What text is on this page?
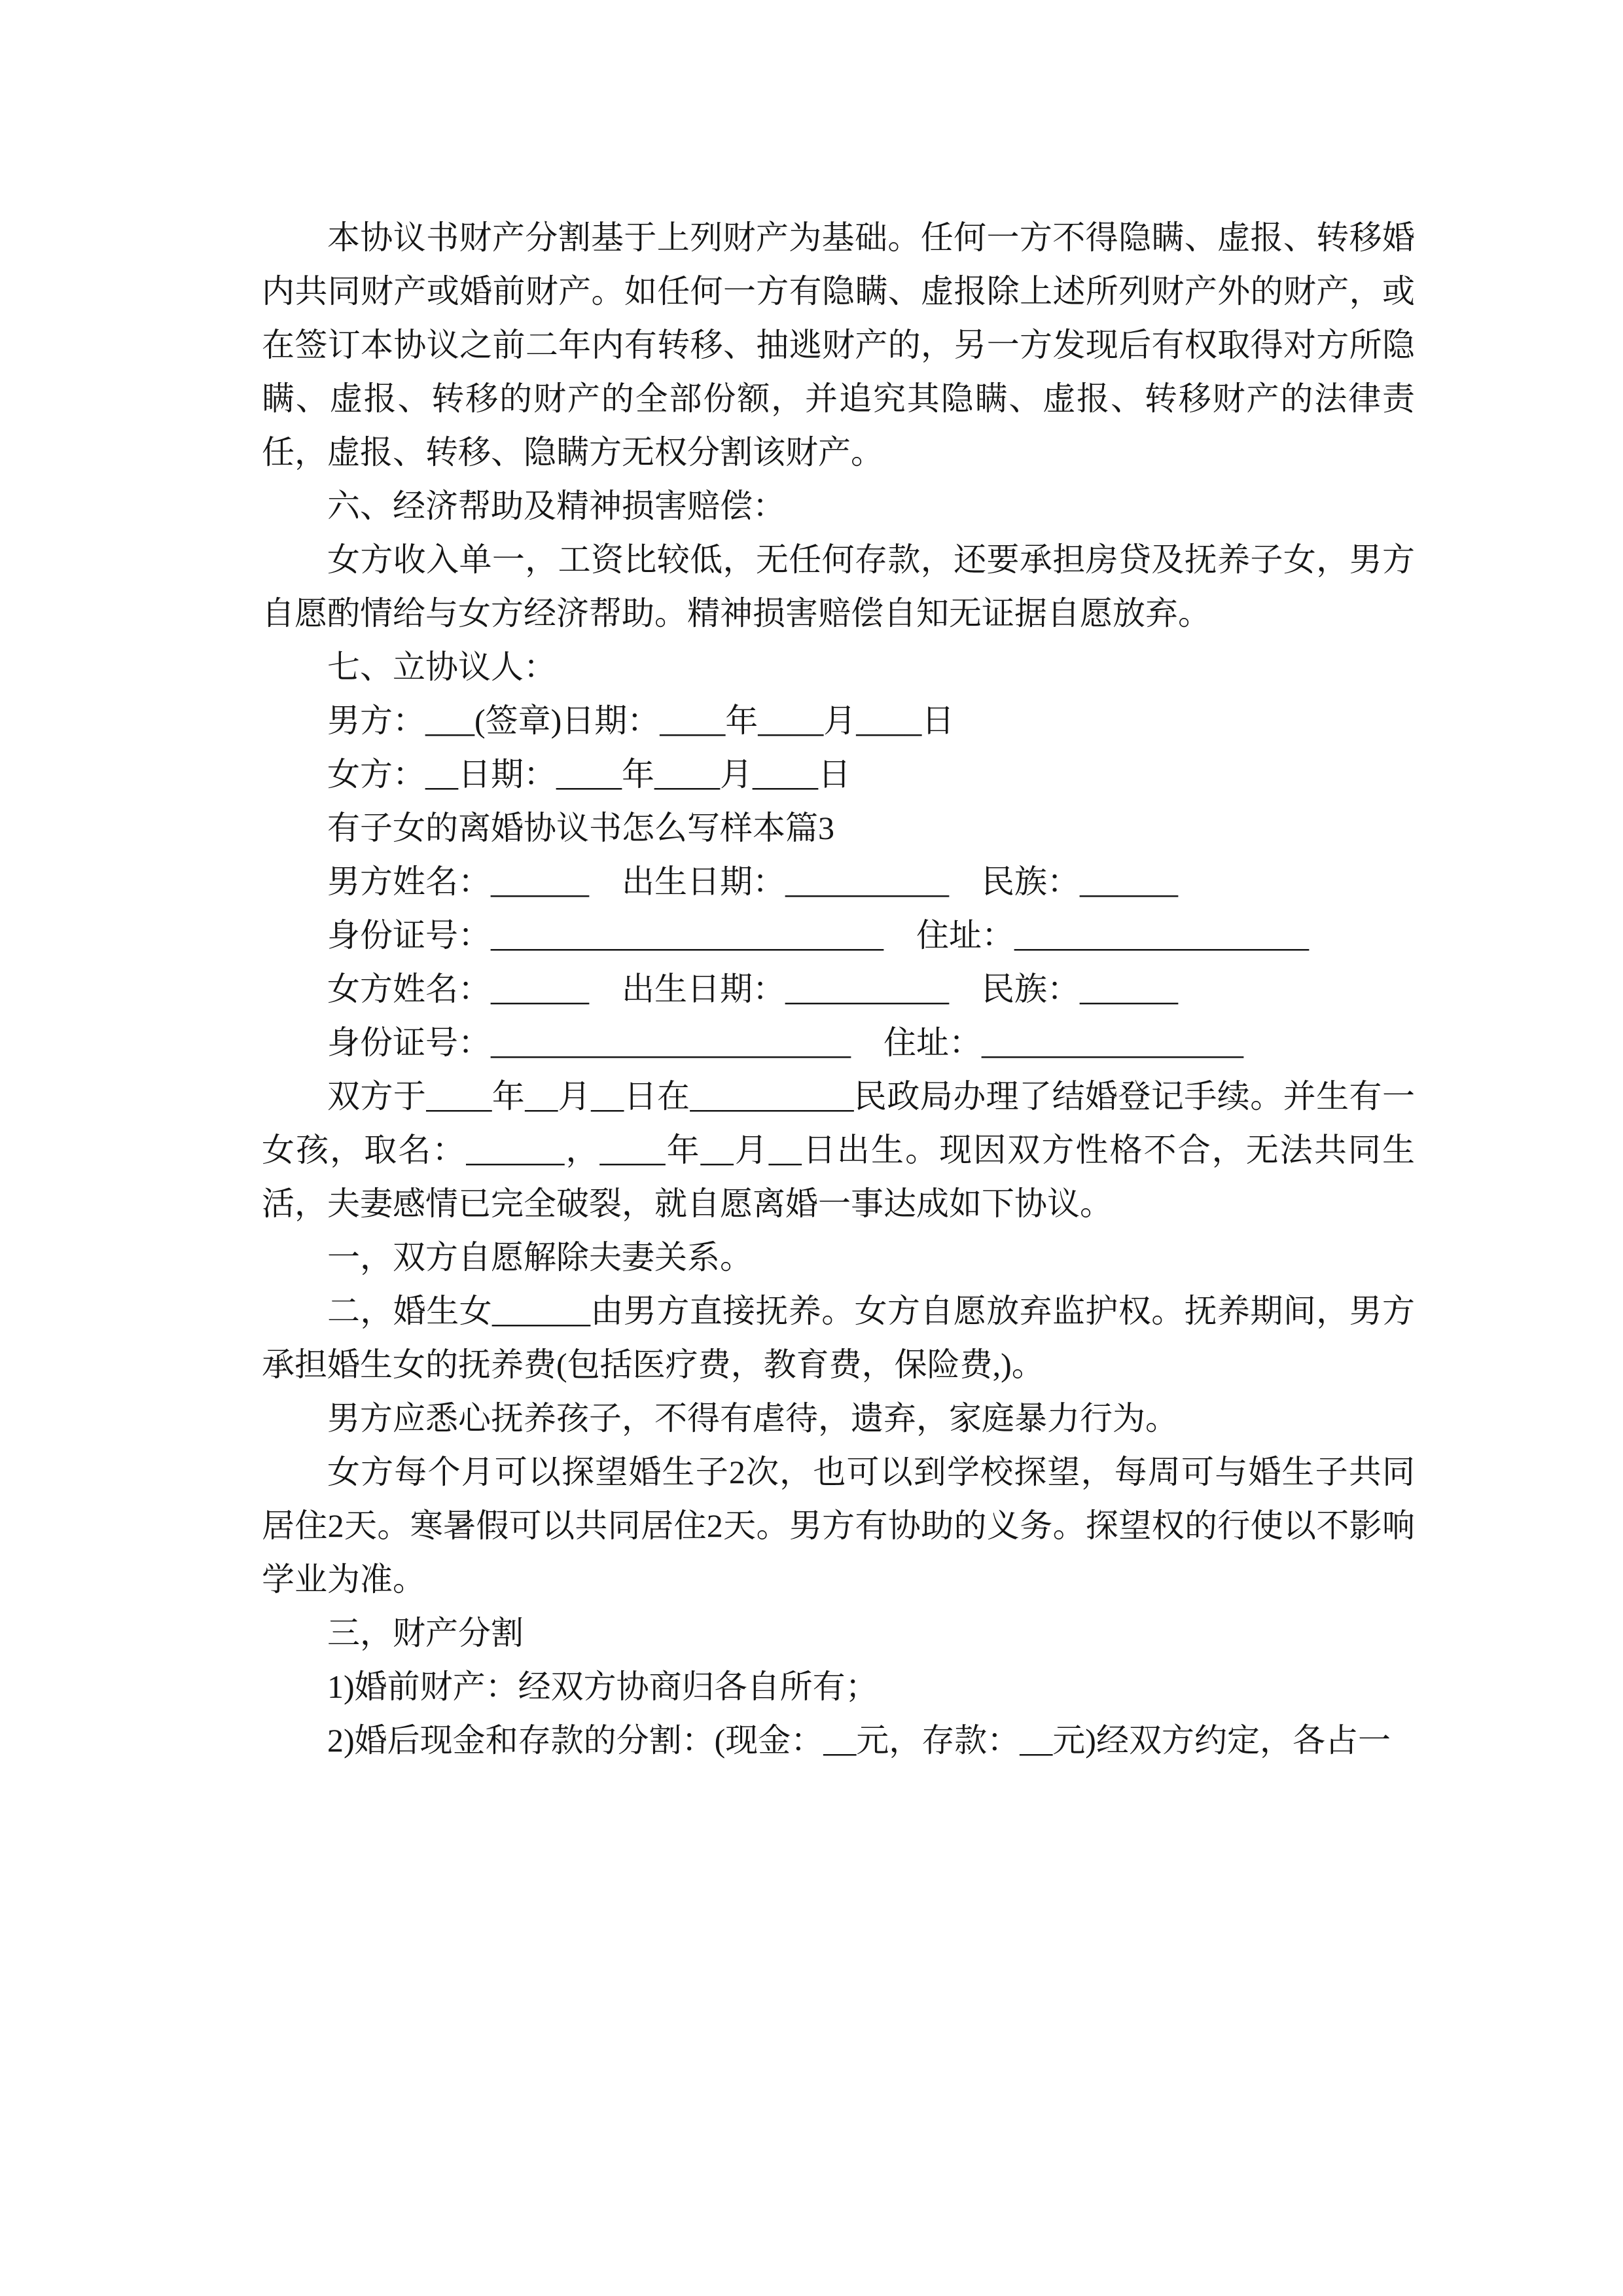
本协议书财产分割基于上列财产为基础。任何一方不得隐瞒、虚报、转移婚内共同财产或婚前财产。如任何一方有隐瞒、虚报除上述所列财产外的财产，或在签订本协议之前二年内有转移、抽逃财产的，另一方发现后有权取得对方所隐瞒、虚报、转移的财产的全部份额，并追究其隐瞒、虚报、转移财产的法律责任，虚报、转移、隐瞒方无权分割该财产。

六、经济帮助及精神损害赔偿：

女方收入单一，工资比较低，无任何存款，还要承担房贷及抚养子女，男方自愿酌情给与女方经济帮助。精神损害赔偿自知无证据自愿放弃。

七、立协议人：

男方：___(签章)日期：____年____月____日

女方：__日期：____年____月____日

有子女的离婚协议书怎么写样本篇3

男方姓名：______　出生日期：__________　民族：______

身份证号：________________________　住址：__________________

女方姓名：______　出生日期：__________　民族：______

身份证号：______________________　住址：________________

双方于____年__月__日在__________民政局办理了结婚登记手续。并生有一女孩，取名：______，____年__月__日出生。现因双方性格不合，无法共同生活，夫妻感情已完全破裂，就自愿离婚一事达成如下协议。

一，双方自愿解除夫妻关系。

二，婚生女______由男方直接抚养。女方自愿放弃监护权。抚养期间，男方承担婚生女的抚养费(包括医疗费，教育费，保险费,)。

男方应悉心抚养孩子，不得有虐待，遗弃，家庭暴力行为。

女方每个月可以探望婚生子2次，也可以到学校探望，每周可与婚生子共同居住2天。寒暑假可以共同居住2天。男方有协助的义务。探望权的行使以不影响学业为准。

三，财产分割

1)婚前财产：经双方协商归各自所有；

2)婚后现金和存款的分割：(现金：__元，存款：__元)经双方约定，各占一
